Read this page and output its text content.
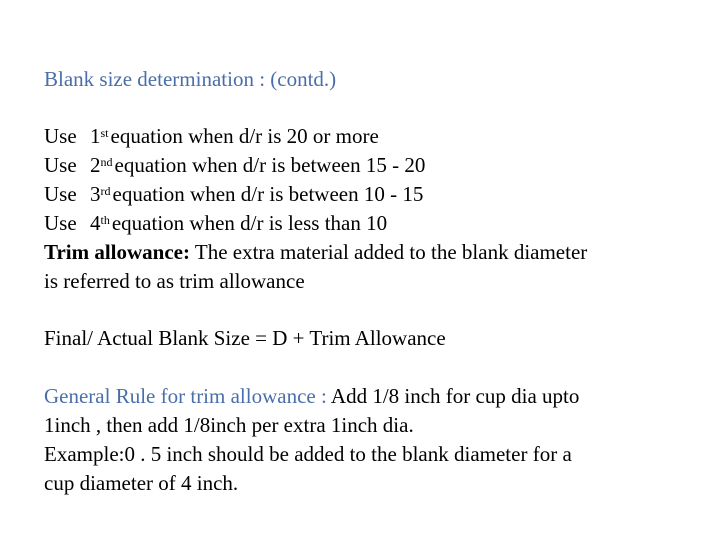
Blank size determination : (contd.)
Use 1stequation when d/r is 20 or more
Use 2ndequation when d/r is between 15 - 20
Use 3rdequation when d/r is between 10 - 15
Use 4thequation when d/r is less than 10
Trim allowance: The extra material added to the blank diameter
is referred to as trim allowance
Final/ Actual Blank Size = D + Trim Allowance
General Rule for trim allowance : Add 1/8 inch for cup dia upto
1inch , then add 1/8inch per extra 1inch dia.
Example:0 . 5 inch should be added to the blank diameter for a
cup diameter of 4 inch.
